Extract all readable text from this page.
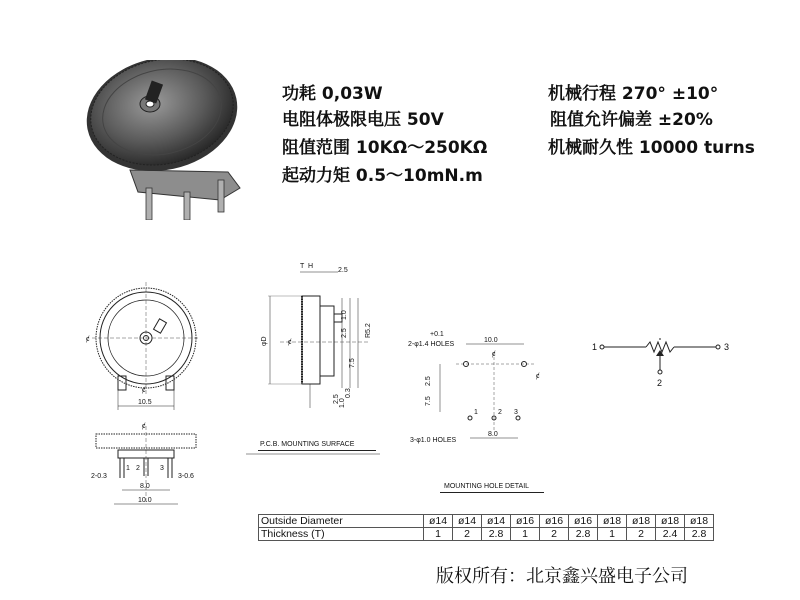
功耗 0,03W
电阻体极限电压 50V
阻值范围 10KΩ～250KΩ
起动力矩 0.5～10mN.m
机械行程 270° ±10°
阻值允许偏差 ±20%
机械耐久性 10000 turns
ȼ
ȼ
10.5
ȼ
1 2	3
2-0.3	3-0.6
8.0
10.0
T H
2.5
φD	ȼ
1.0
R5.2
2.5
7.5
2.5
0.3
1.0
P.C.B. MOUNTING SURFACE
2-φ1.4 HOLES
+0.1
10.0
ȼ
ȼ
2.5
7.5
1	2 3
3-φ1.0 HOLES
8.0
MOUNTING HOLE DETAIL
1	3
2
Outside Diameter	ø14	ø14	ø14	ø16	ø16	ø16	ø18	ø18	ø18	ø18
Thickness (T)	1	2	2.8	1	2	2.8	1	2	2.4	2.8
版权所有：北京鑫兴盛电子公司
